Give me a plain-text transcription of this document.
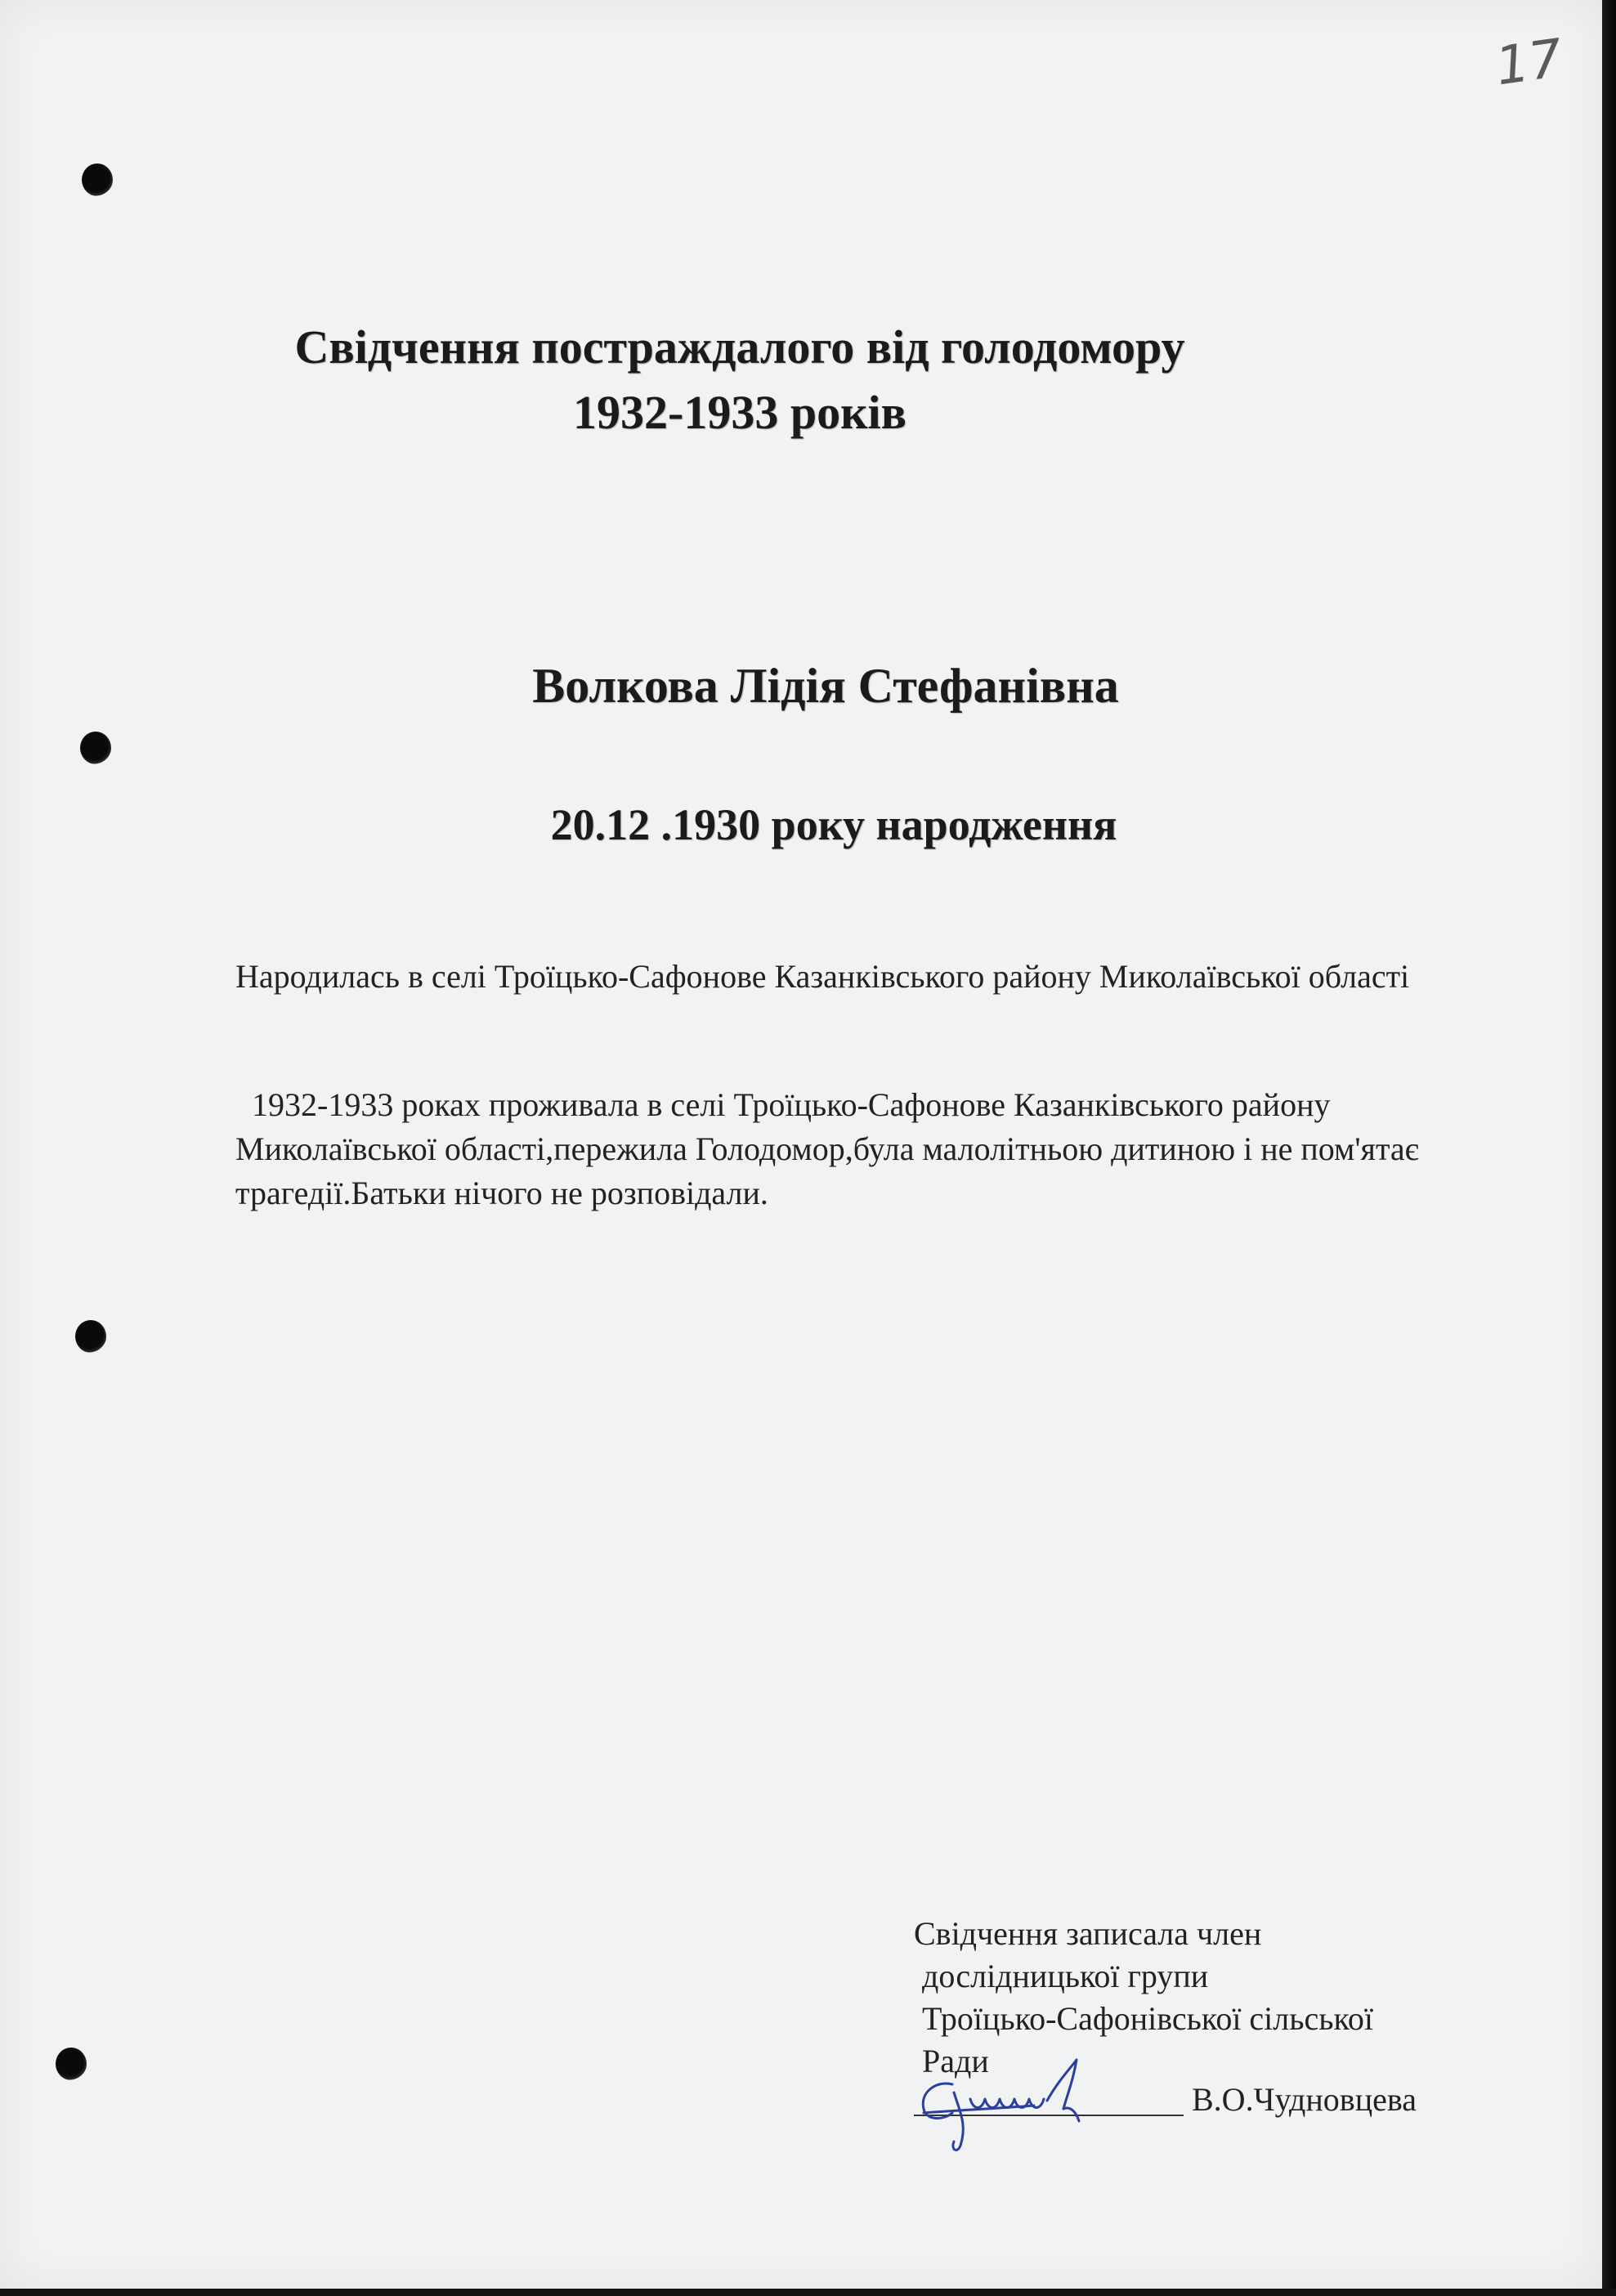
17
Свідчення постраждалого від голодомору
1932-1933 років
Волкова Лідія Стефанівна
20.12 .1930 року народження
Народилась в селі Троїцько-Сафонове Казанківського району Миколаївської області
1932-1933 роках проживала в селі Троїцько-Сафонове Казанківського району Миколаївської області,пережила Голодомор,була малолітньою дитиною і не пом'ятає трагедії.Батьки нічого не розповідали.
Свідчення записала член
дослідницької групи
Троїцько-Сафонівської сільської
Ради
В.О.Чудновцева
